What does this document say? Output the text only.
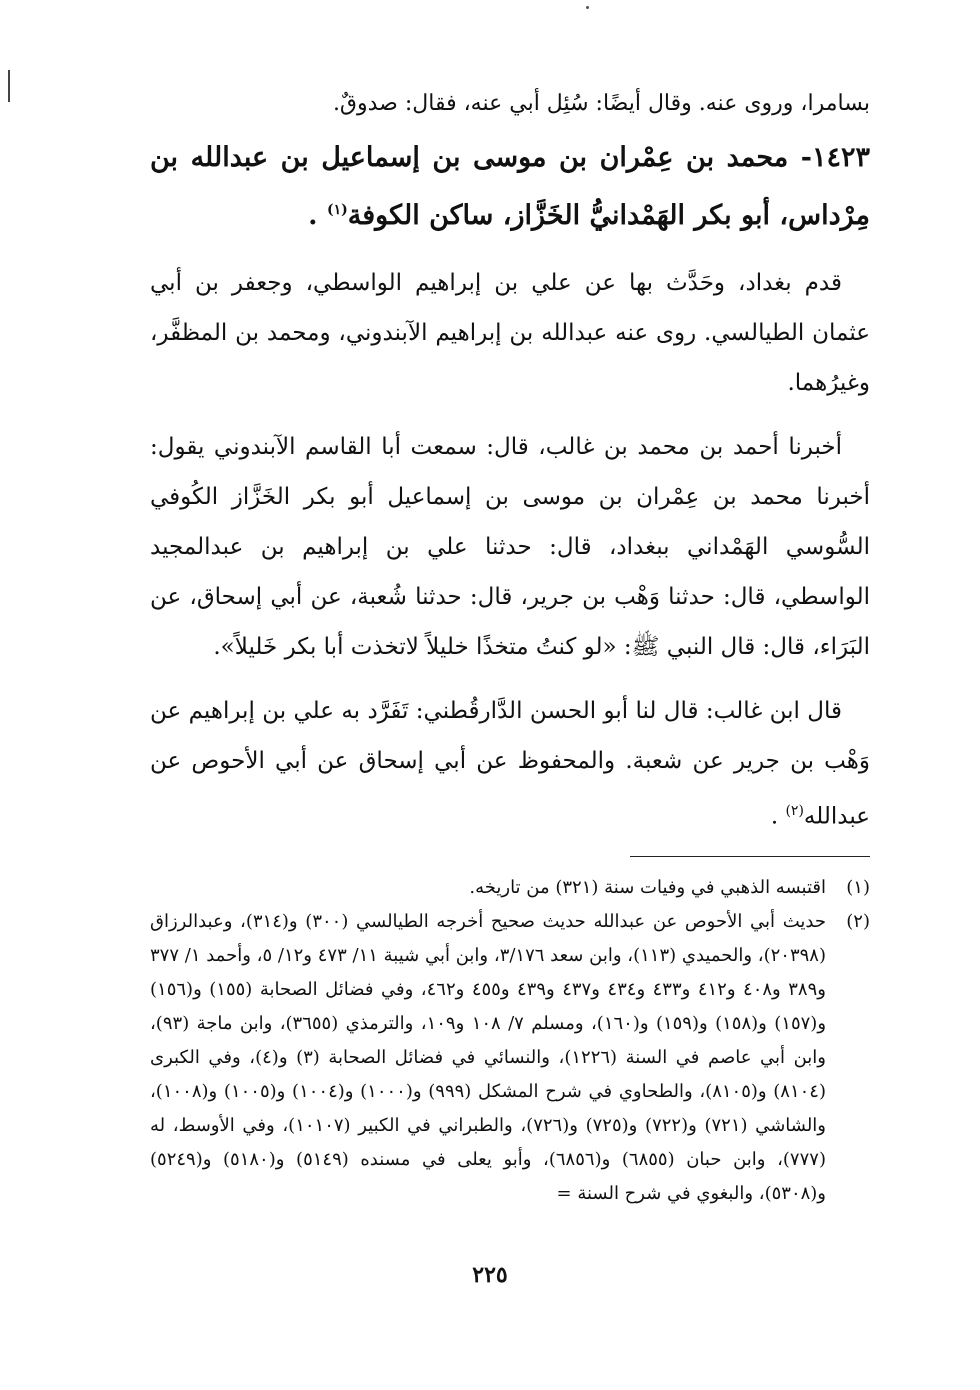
بسامرا، وروى عنه. وقال أيضًا: سُئِل أبي عنه، فقال: صدوقٌ.

١٤٢٣- محمد بن عِمْران بن موسى بن إسماعيل بن عبدالله بن مِرْداس، أبو بكر الهَمْدانيُّ الخَزَّاز، ساكن الكوفة$^{(١)}$ .

قدم بغداد، وحَدَّث بها عن علي بن إبراهيم الواسطي، وجعفر بن أبي عثمان الطيالسي. روى عنه عبدالله بن إبراهيم الآبندوني، ومحمد بن المظفَّر، وغيرُهما.

أخبرنا أحمد بن محمد بن غالب، قال: سمعت أبا القاسم الآبندوني يقول: أخبرنا محمد بن عِمْران بن موسى بن إسماعيل أبو بكر الخَزَّاز الكُوفي السُّوسي الهَمْداني ببغداد، قال: حدثنا علي بن إبراهيم بن عبدالمجيد الواسطي، قال: حدثنا وَهْب بن جرير، قال: حدثنا شُعبة، عن أبي إسحاق، عن البَرَاء، قال: قال النبي ﷺ: «لو كنتُ متخذًا خليلاً لاتخذت أبا بكر خَليلاً».

قال ابن غالب: قال لنا أبو الحسن الدَّارقُطني: تَفَرَّد به علي بن إبراهيم عن وَهْب بن جرير عن شعبة. والمحفوظ عن أبي إسحاق عن أبي الأحوص عن عبدالله$^{(٢)}$ .

(١)
اقتبسه الذهبي في وفيات سنة (٣٢١) من تاريخه.
(٢)
حديث أبي الأحوص عن عبدالله حديث صحيح أخرجه الطيالسي (٣٠٠) و(٣١٤)، وعبدالرزاق (٢٠٣٩٨)، والحميدي (١١٣)، وابن سعد ٣/١٧٦، وابن أبي شيبة ١١/ ٤٧٣ و١٢/ ٥، وأحمد ١/ ٣٧٧ و٣٨٩ و٤٠٨ و٤١٢ و٤٣٣ و٤٣٤ و٤٣٧ و٤٣٩ و٤٥٥ و٤٦٢، وفي فضائل الصحابة (١٥٥) و(١٥٦) و(١٥٧) و(١٥٨) و(١٥٩) و(١٦٠)، ومسلم ٧/ ١٠٨ و١٠٩، والترمذي (٣٦٥٥)، وابن ماجة (٩٣)، وابن أبي عاصم في السنة (١٢٢٦)، والنسائي في فضائل الصحابة (٣) و(٤)، وفي الكبرى (٨١٠٤) و(٨١٠٥)، والطحاوي في شرح المشكل (٩٩٩) و(١٠٠٠) و(١٠٠٤) و(١٠٠٥) و(١٠٠٨)، والشاشي (٧٢١) و(٧٢٢) و(٧٢٥) و(٧٢٦)، والطبراني في الكبير (١٠١٠٧)، وفي الأوسط، له (٧٧٧)، وابن حبان (٦٨٥٥) و(٦٨٥٦)، وأبو يعلى في مسنده (٥١٤٩) و(٥١٨٠) و(٥٢٤٩) و(٥٣٠٨)، والبغوي في شرح السنة =
٢٢٥
